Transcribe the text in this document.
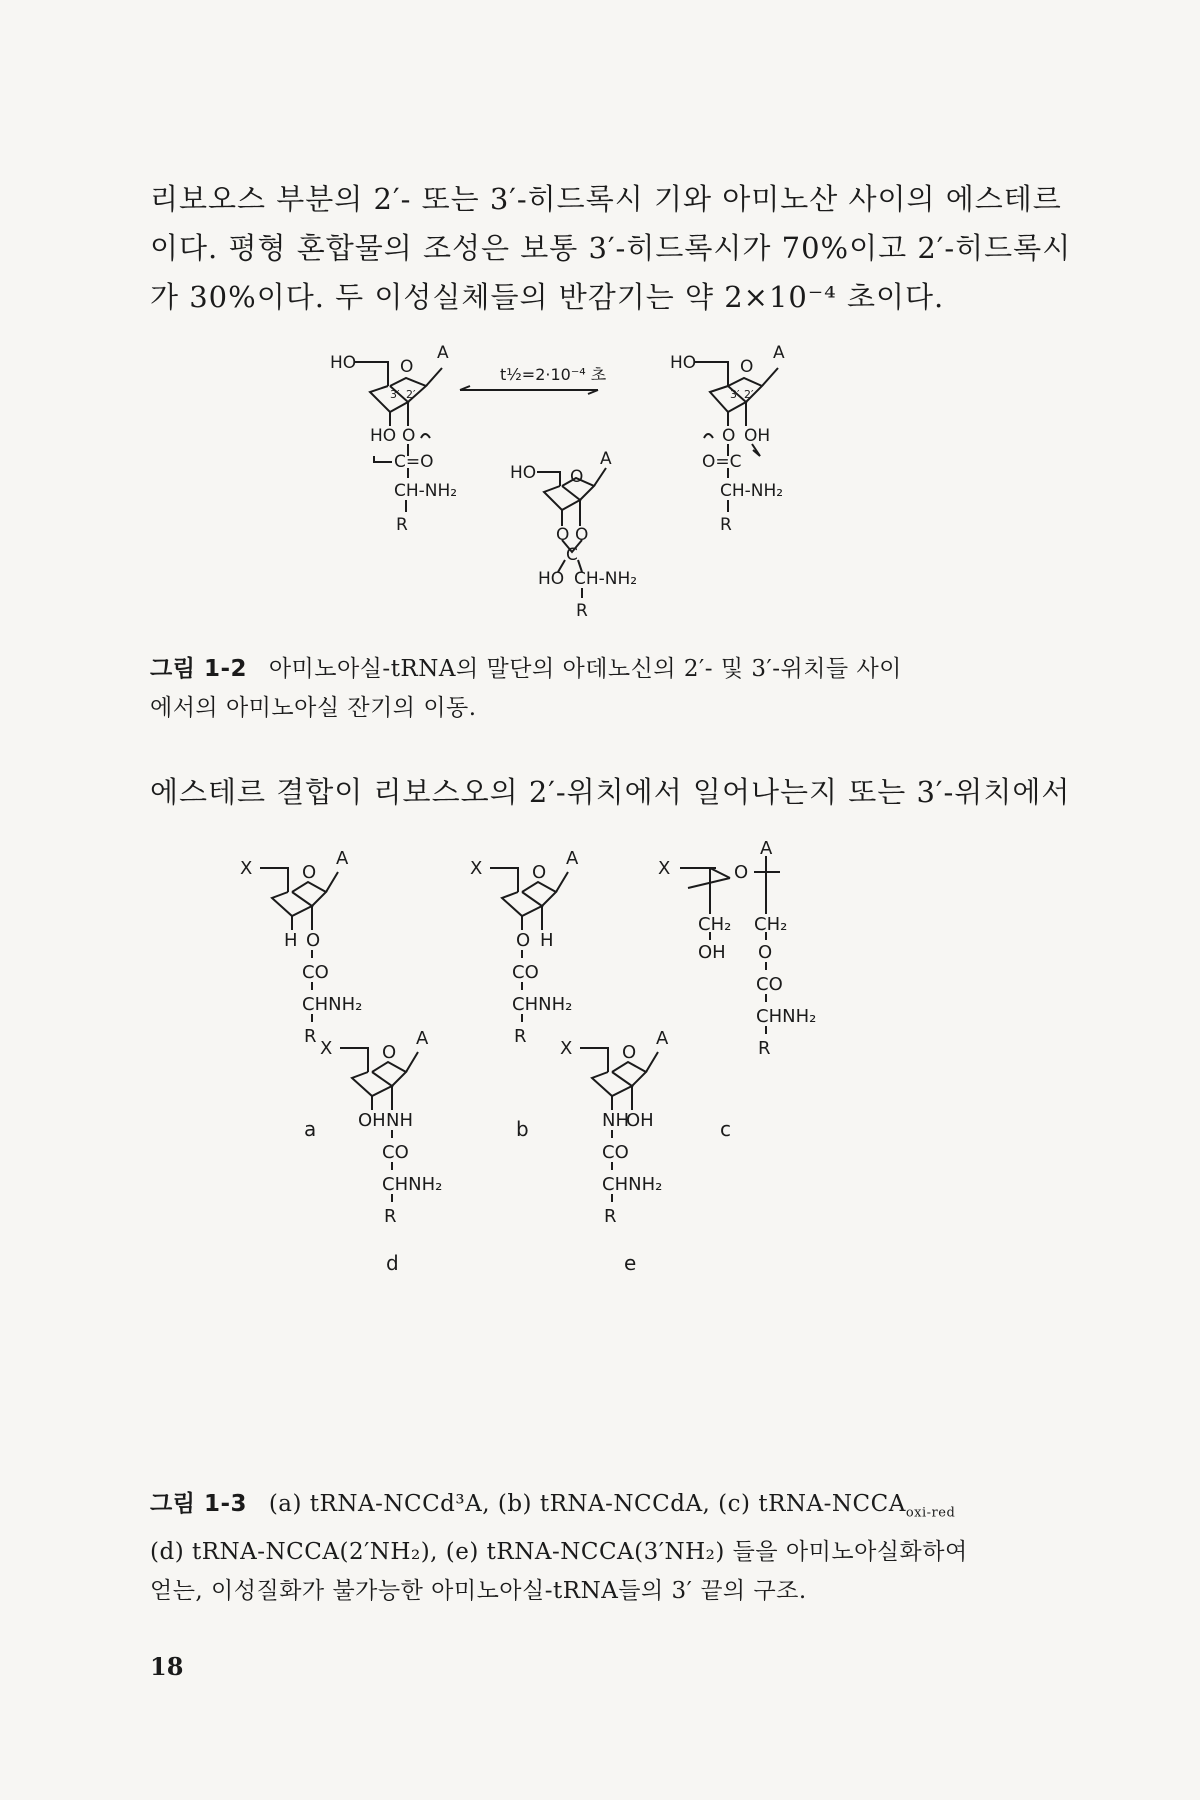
리보오스 부분의 2′- 또는 3′-히드록시 기와 아미노산 사이의 에스테르
이다. 평형 혼합물의 조성은 보통 3′-히드록시가 70%이고 2′-히드록시
가 30%이다. 두 이성실체들의 반감기는 약 2×10⁻⁴ 초이다.

HO	O
A
3′ 2′
HO O
C=O
CH-NH₂
R
t½=2·10⁻⁴ 초
HO O
A
O O
C
HO CH-NH₂
R
HO	O
A
3′ 2′
O OH
O=C
CH-NH₂
R

그림 1-2 아미노아실-tRNA의 말단의 아데노신의 2′- 및 3′-위치들 사이
에서의 아미노아실 잔기의 이동.

에스테르 결합이 리보스오의 2′-위치에서 일어나는지 또는 3′-위치에서

X	O
A
H O
CO
CHNH₂
R
X	O
A
O H
CO
CHNH₂
R
X	O
A
CH₂ CH₂
OH O
CO
CHNH₂
R
X	O
A
OH NH
CO
CHNH₂
R
X	O
A
NH
OH
CO
CHNH₂
R
d	e
a	b	c

그림 1-3 (a) tRNA-NCCd³A, (b) tRNA-NCCdA, (c) tRNA-$NCCA_{oxi-red}$
(d) tRNA-NCCA(2′NH₂), (e) tRNA-NCCA(3′NH₂) 들을 아미노아실화하여
얻는, 이성질화가 불가능한 아미노아실-tRNA들의 3′ 끝의 구조.

18
